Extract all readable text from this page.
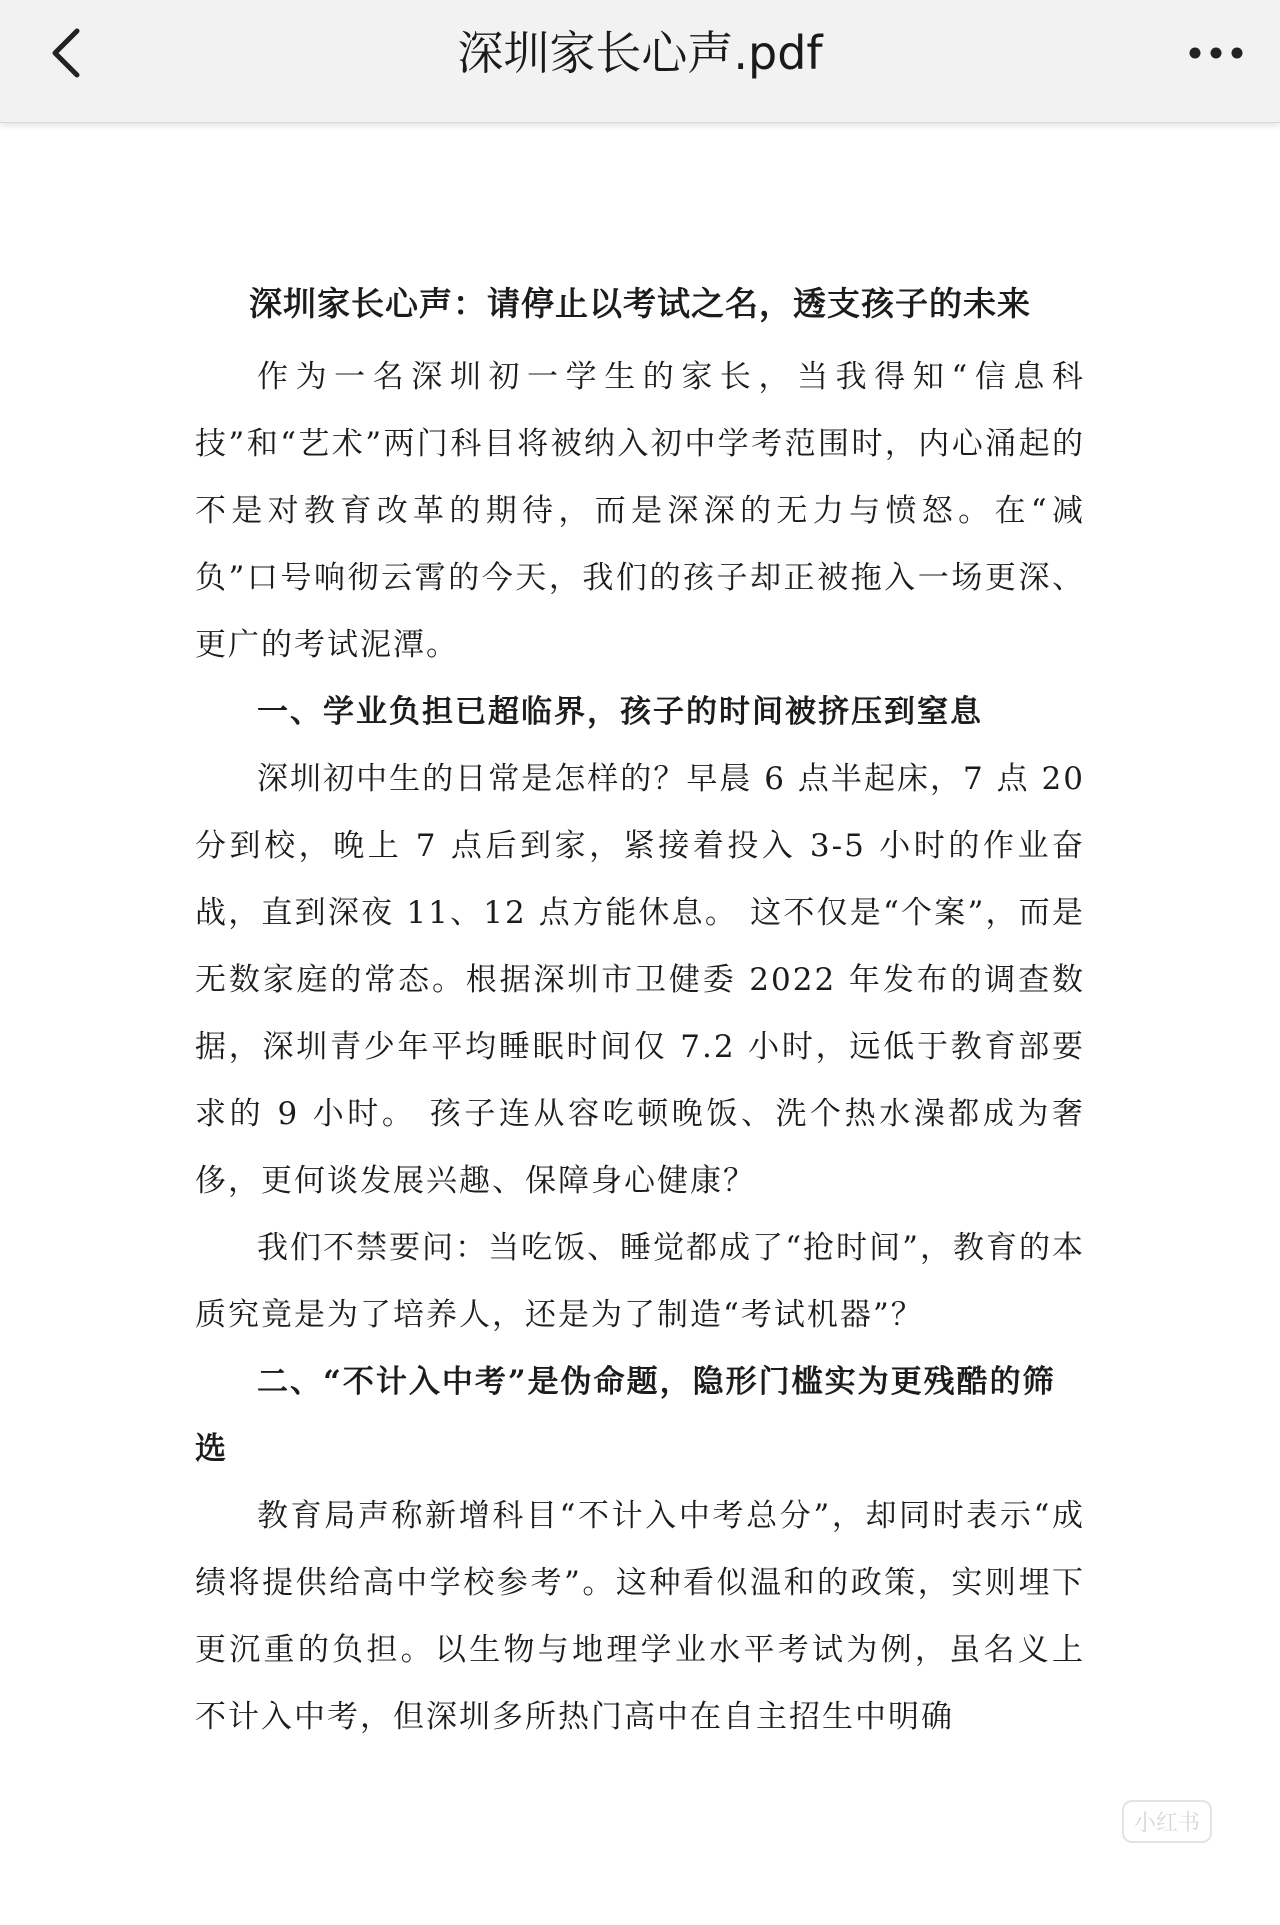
深圳家长心声.pdf
深圳家长心声：请停止以考试之名，透支孩子的未来

作为一名深圳初一学生的家长，当我得知“信息科技”和“艺术”两门科目将被纳入初中学考范围时，内心涌起的不是对教育改革的期待，而是深深的无力与愤怒。在“减负”口号响彻云霄的今天，我们的孩子却正被拖入一场更深、更广的考试泥潭。

一、学业负担已超临界，孩子的时间被挤压到窒息

深圳初中生的日常是怎样的？早晨 6 点半起床，7 点 20 分到校，晚上 7 点后到家，紧接着投入 3-5 小时的作业奋战，直到深夜 11、12 点方能休息。 这不仅是“个案”，而是无数家庭的常态。根据深圳市卫健委 2022 年发布的调查数据，深圳青少年平均睡眠时间仅 7.2 小时，远低于教育部要求的 9 小时。 孩子连从容吃顿晚饭、洗个热水澡都成为奢侈，更何谈发展兴趣、保障身心健康？

我们不禁要问：当吃饭、睡觉都成了“抢时间”，教育的本质究竟是为了培养人，还是为了制造“考试机器”？

二、“不计入中考”是伪命题，隐形门槛实为更残酷的筛选

教育局声称新增科目“不计入中考总分”，却同时表示“成绩将提供给高中学校参考”。这种看似温和的政策，实则埋下更沉重的负担。以生物与地理学业水平考试为例，虽名义上不计入中考，但深圳多所热门高中在自主招生中明确

小红书
